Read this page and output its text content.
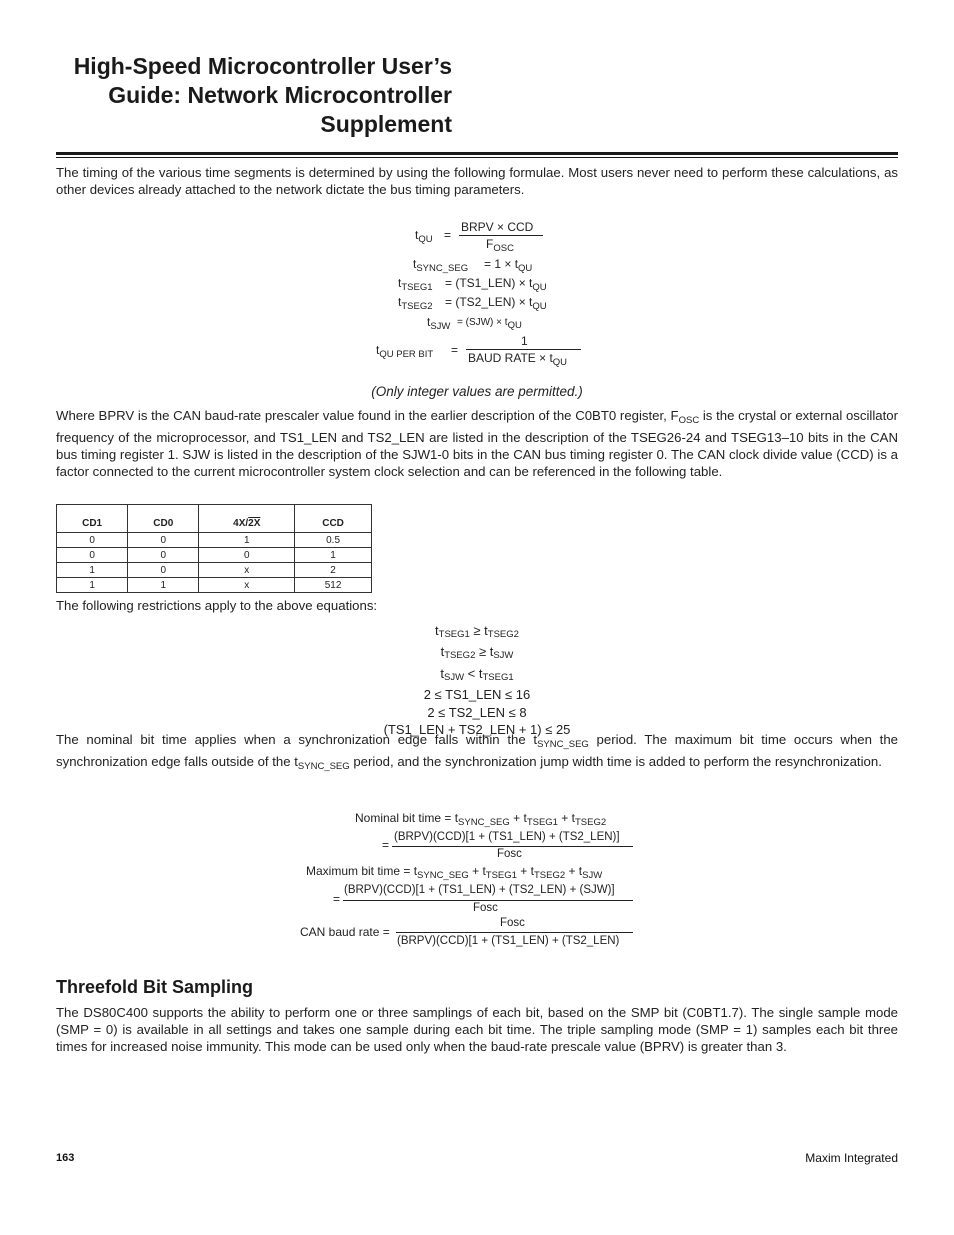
High-Speed Microcontroller User’s
Guide: Network Microcontroller
Supplement
The timing of the various time segments is determined by using the following formulae. Most users never need to perform these calculations, as other devices already attached to the network dictate the bus timing parameters.
$t_{QU}$ =
BRPV × CCD
$F_{OSC}$
$t_{SYNC\_SEG} = 1 \times t_{QU}$
$t_{TSEG1}$ = (TS1_LEN) × $t_{QU}$
$t_{TSEG2}$ = (TS2_LEN) × $t_{QU}$
$t_{SJW} = (SJW) \times t_{QU}$
$t_{QU PER BIT}$ =
1
BAUD RATE × $t_{QU}$
(Only integer values are permitted.)
Where BPRV is the CAN baud-rate prescaler value found in the earlier description of the C0BT0 register, $F_{OSC}$ is the crystal or external oscillator frequency of the microprocessor, and TS1_LEN and TS2_LEN are listed in the description of the TSEG26-24 and TSEG13–10 bits in the CAN bus timing register 1. SJW is listed in the description of the SJW1-0 bits in the CAN bus timing register 0. The CAN clock divide value (CCD) is a factor connected to the current microcontroller system clock selection and can be referenced in the following table.
CD1	CD0	4X/2X	CCD
0	0	1	0.5
0	0	0	1
1	0	x	2
1	1	x	512
The following restrictions apply to the above equations:
$t_{TSEG1} \ge t_{TSEG2}$
$t_{TSEG2} \ge t_{SJW}$
$t_{SJW} < t_{TSEG1}$
2 ≤ TS1_LEN ≤ 16
2 ≤ TS2_LEN ≤ 8
(TS1_LEN + TS2_LEN + 1) ≤ 25
The nominal bit time applies when a synchronization edge falls within the $t_{SYNC\_SEG}$ period. The maximum bit time occurs when the synchronization edge falls outside of the $t_{SYNC\_SEG}$ period, and the synchronization jump width time is added to perform the resynchronization.
Nominal bit time = $t_{SYNC\_SEG} + t_{TSEG1} + t_{TSEG2}$
=
(BRPV)(CCD)[1 + (TS1_LEN) + (TS2_LEN)]
Fosc
Maximum bit time = $t_{SYNC\_SEG} + t_{TSEG1} + t_{TSEG2} + t_{SJW}$
=
(BRPV)(CCD)[1 + (TS1_LEN) + (TS2_LEN) + (SJW)]
Fosc
CAN baud rate =
Fosc
(BRPV)(CCD)[1 + (TS1_LEN) + (TS2_LEN)
Threefold Bit Sampling
The DS80C400 supports the ability to perform one or three samplings of each bit, based on the SMP bit (C0BT1.7). The single sample mode (SMP = 0) is available in all settings and takes one sample during each bit time. The triple sampling mode (SMP = 1) samples each bit three times for increased noise immunity. This mode can be used only when the baud-rate prescale value (BPRV) is greater than 3.
163	Maxim Integrated
